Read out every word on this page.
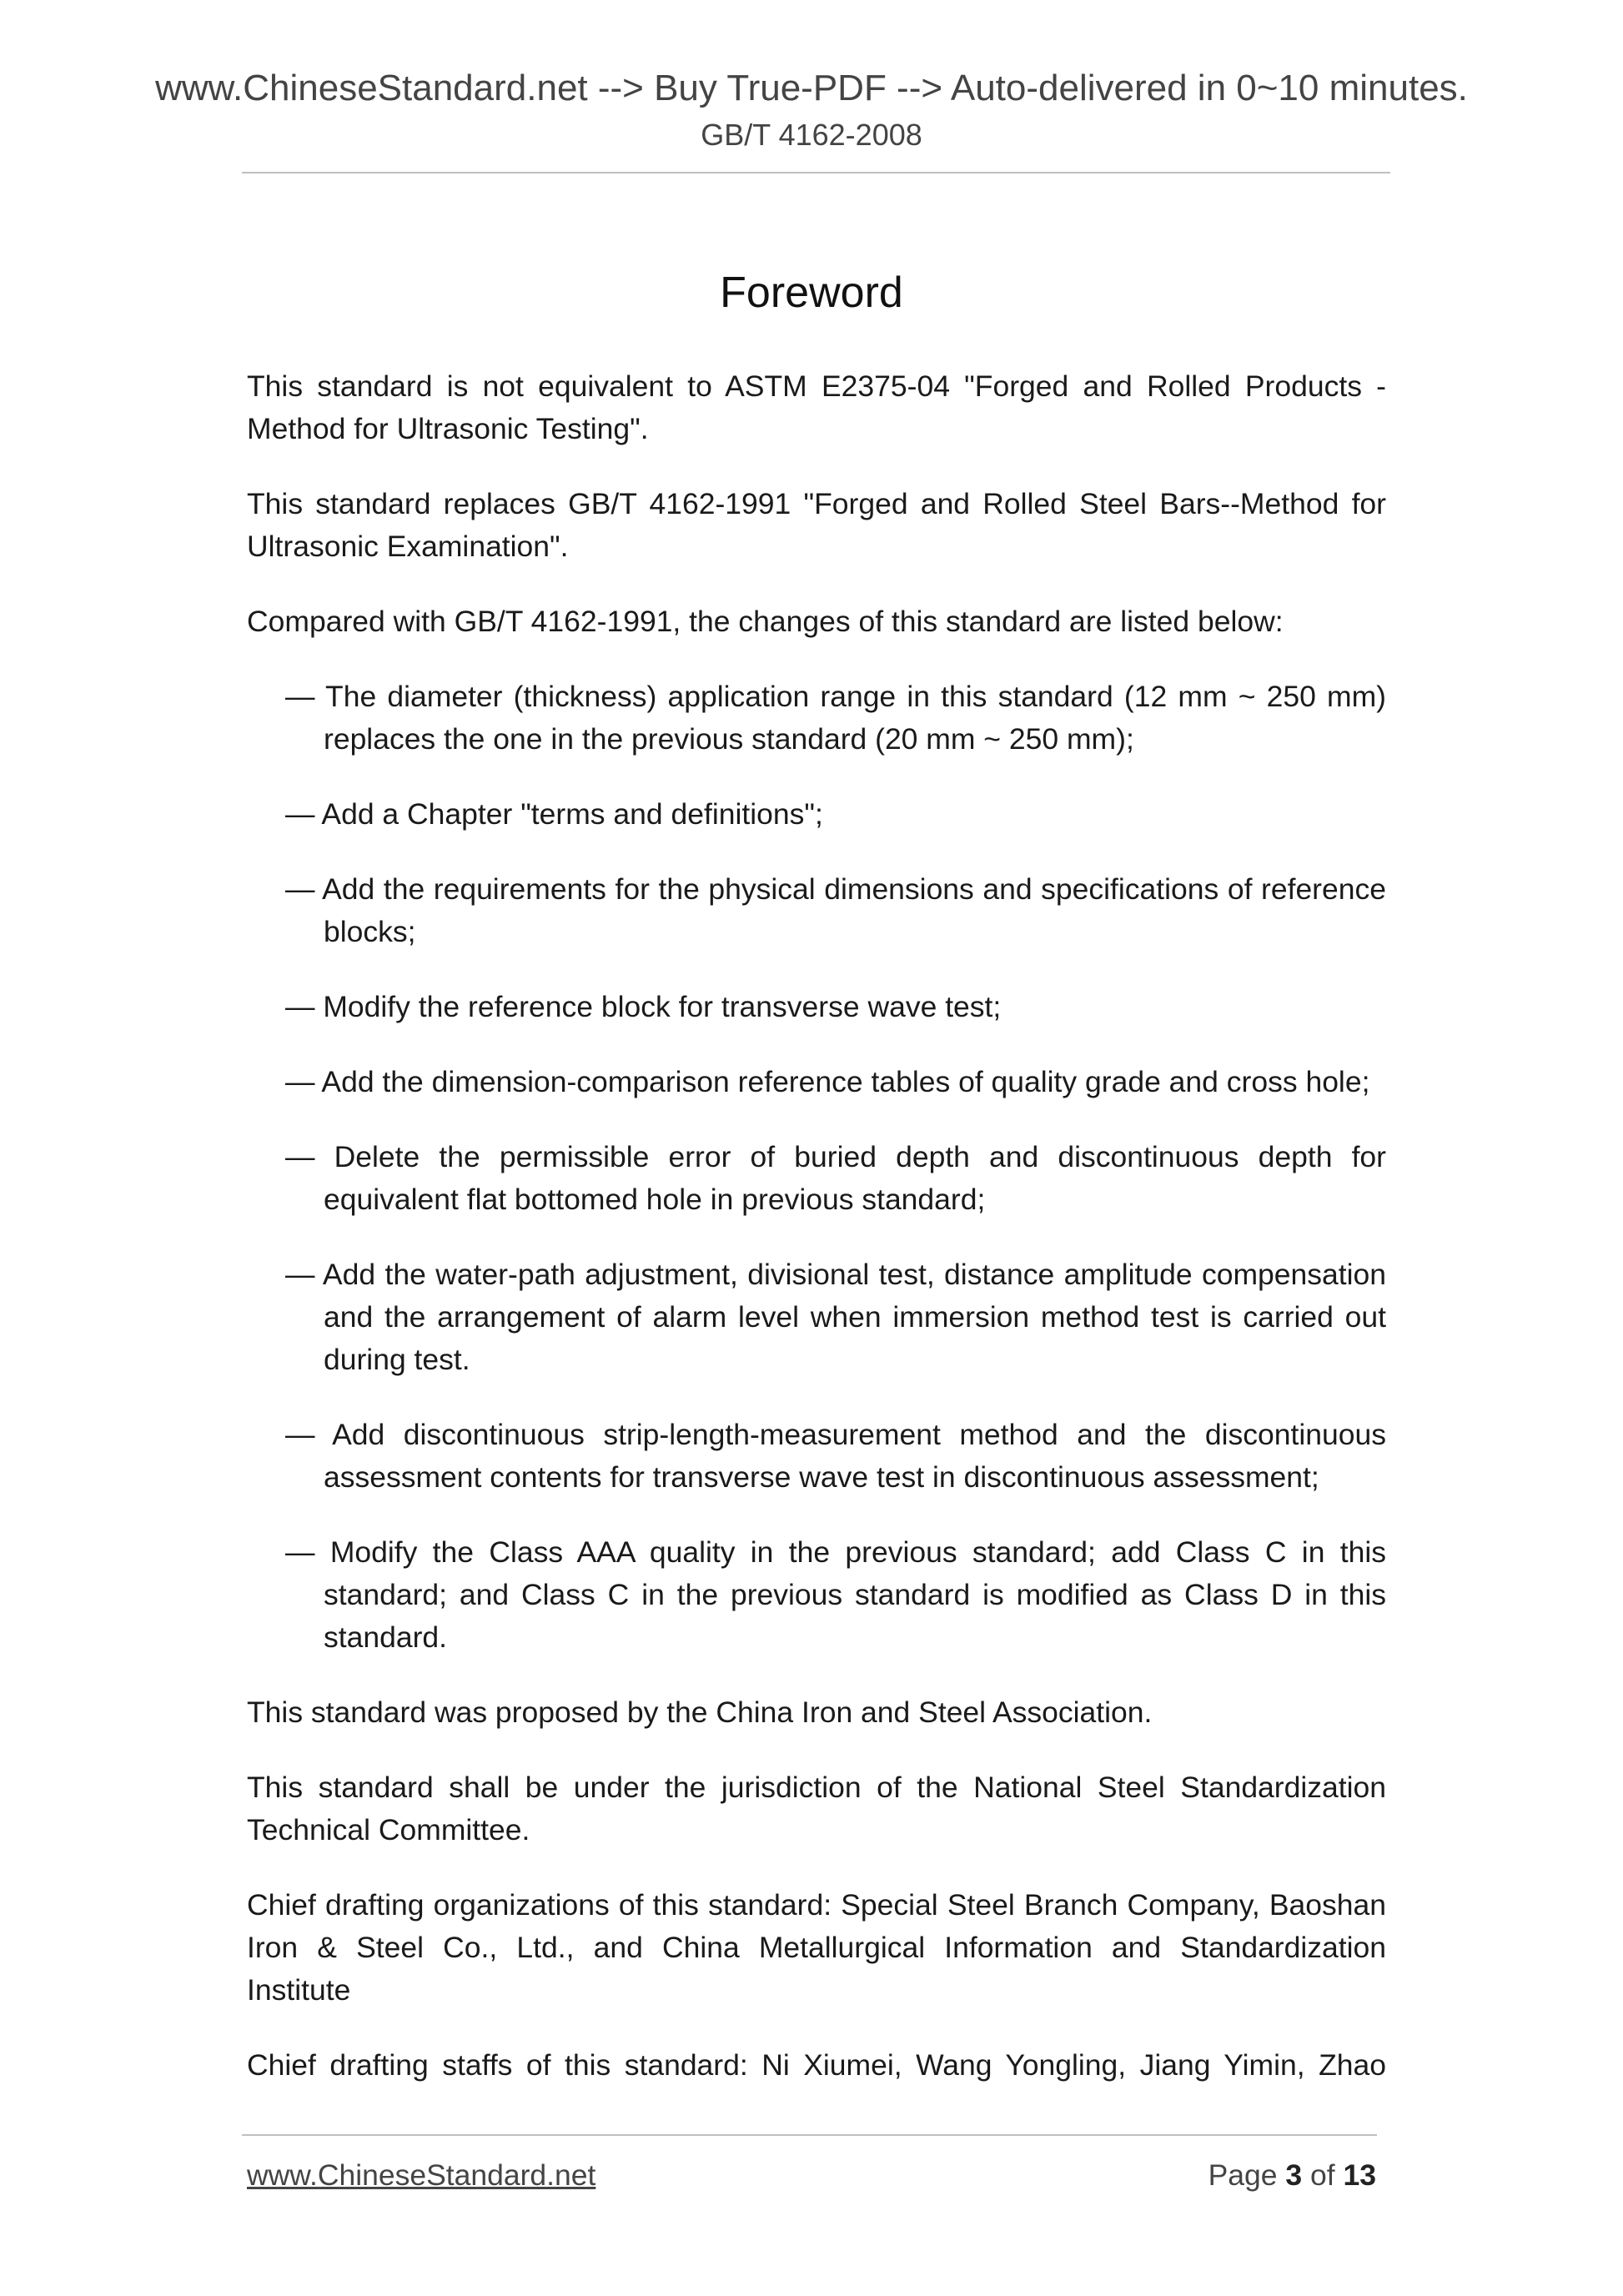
www.ChineseStandard.net --> Buy True-PDF --> Auto-delivered in 0~10 minutes.
GB/T 4162-2008
Foreword

This standard is not equivalent to ASTM E2375-04 "Forged and Rolled Products - Method for Ultrasonic Testing".

This standard replaces GB/T 4162-1991 "Forged and Rolled Steel Bars--Method for Ultrasonic Examination".

Compared with GB/T 4162-1991, the changes of this standard are listed below:

— The diameter (thickness) application range in this standard (12 mm ~ 250 mm) replaces the one in the previous standard (20 mm ~ 250 mm);
— Add a Chapter "terms and definitions";
— Add the requirements for the physical dimensions and specifications of reference blocks;
— Modify the reference block for transverse wave test;
— Add the dimension-comparison reference tables of quality grade and cross hole;
— Delete the permissible error of buried depth and discontinuous depth for equivalent flat bottomed hole in previous standard;
— Add the water-path adjustment, divisional test, distance amplitude compensation and the arrangement of alarm level when immersion method test is carried out during test.
— Add discontinuous strip-length-measurement method and the discontinuous assessment contents for transverse wave test in discontinuous assessment;
— Modify the Class AAA quality in the previous standard; add Class C in this standard; and Class C in the previous standard is modified as Class D in this standard.

This standard was proposed by the China Iron and Steel Association.

This standard shall be under the jurisdiction of the National Steel Standardization Technical Committee.

Chief drafting organizations of this standard: Special Steel Branch Company, Baoshan Iron & Steel Co., Ltd., and China Metallurgical Information and Standardization Institute

Chief drafting staffs of this standard: Ni Xiumei, Wang Yongling, Jiang Yimin, Zhao

www.ChineseStandard.net	Page 3 of 13
